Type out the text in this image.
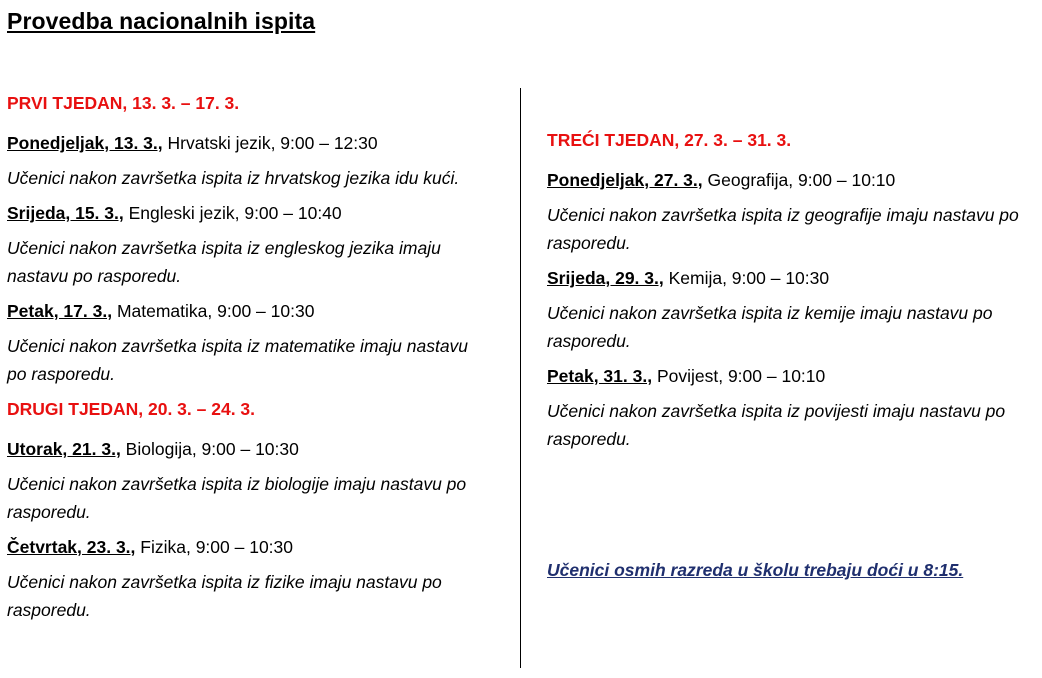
Provedba nacionalnih ispita
PRVI TJEDAN, 13. 3. – 17. 3.
Ponedjeljak, 13. 3., Hrvatski jezik, 9:00 – 12:30
Učenici nakon završetka ispita iz hrvatskog jezika idu kući.
Srijeda, 15. 3., Engleski jezik, 9:00 – 10:40
Učenici nakon završetka ispita iz engleskog jezika imaju nastavu po rasporedu.
Petak, 17. 3., Matematika, 9:00 – 10:30
Učenici nakon završetka ispita iz matematike imaju nastavu po rasporedu.
DRUGI TJEDAN, 20. 3. – 24. 3.
Utorak, 21. 3., Biologija, 9:00 – 10:30
Učenici nakon završetka ispita iz biologije imaju nastavu po rasporedu.
Četvrtak, 23. 3., Fizika, 9:00 – 10:30
Učenici nakon završetka ispita iz fizike imaju nastavu po rasporedu.
TREĆI TJEDAN, 27. 3. – 31. 3.
Ponedjeljak, 27. 3., Geografija, 9:00 – 10:10
Učenici nakon završetka ispita iz geografije imaju nastavu po rasporedu.
Srijeda, 29. 3., Kemija, 9:00 – 10:30
Učenici nakon završetka ispita iz kemije imaju nastavu po rasporedu.
Petak, 31. 3., Povijest, 9:00 – 10:10
Učenici nakon završetka ispita iz povijesti imaju nastavu po rasporedu.
Učenici osmih razreda u školu trebaju doći u 8:15.
